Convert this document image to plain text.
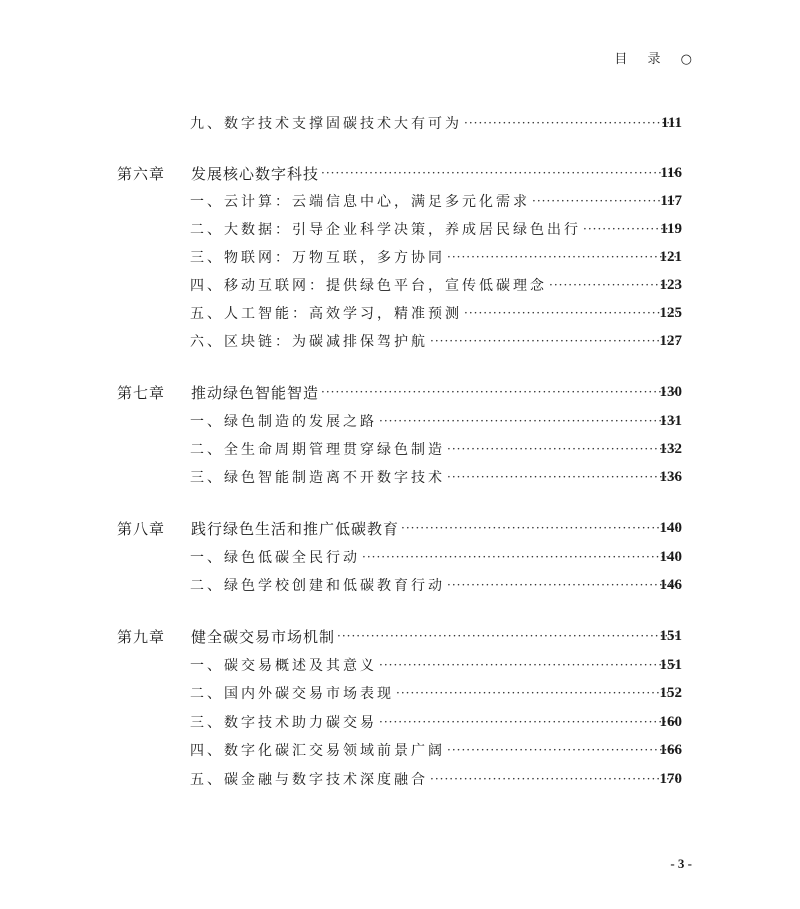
目 录 ○
九、数字技术支撑固碳技术大有可为 ·····	111
第六章	发展核心数字科技 ·····	116
一、云计算：云端信息中心，满足多元化需求 ·····	117
二、大数据：引导企业科学决策，养成居民绿色出行 ·····	119
三、物联网：万物互联，多方协同 ·····	121
四、移动互联网：提供绿色平台，宣传低碳理念 ·····	123
五、人工智能：高效学习，精准预测 ·····	125
六、区块链：为碳减排保驾护航 ·····	127
第七章	推动绿色智能智造 ·····	130
一、绿色制造的发展之路 ·····	131
二、全生命周期管理贯穿绿色制造 ·····	132
三、绿色智能制造离不开数字技术 ·····	136
第八章	践行绿色生活和推广低碳教育 ·····	140
一、绿色低碳全民行动 ·····	140
二、绿色学校创建和低碳教育行动 ·····	146
第九章	健全碳交易市场机制 ·····	151
一、碳交易概述及其意义 ·····	151
二、国内外碳交易市场表现 ·····	152
三、数字技术助力碳交易 ·····	160
四、数字化碳汇交易领域前景广阔 ·····	166
五、碳金融与数字技术深度融合 ·····	170
- 3 -
